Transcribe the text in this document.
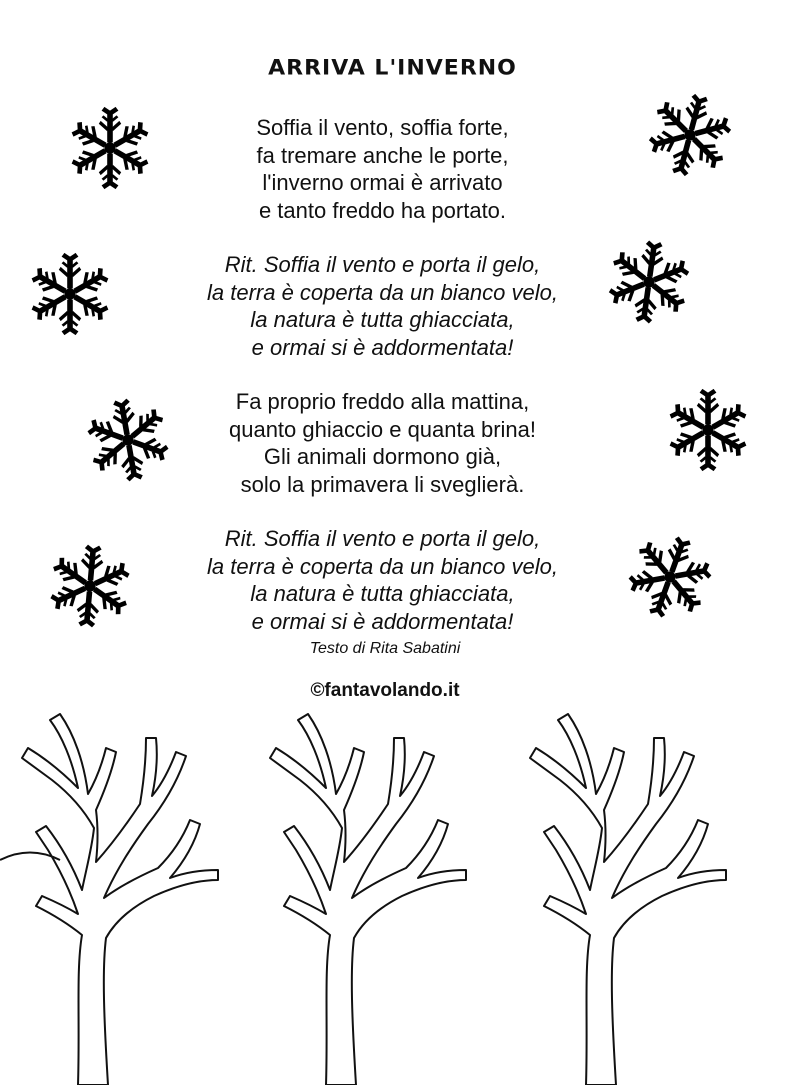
ARRIVA L'INVERNO
Soffia il vento, soffia forte,
fa tremare anche le porte,
l'inverno ormai è arrivato
e tanto freddo ha portato.
Rit. Soffia il vento e porta il gelo,
la terra è coperta da un bianco velo,
la natura è tutta ghiacciata,
e ormai si è addormentata!
Fa proprio freddo alla mattina,
quanto ghiaccio e quanta brina!
Gli animali dormono già,
solo la primavera li sveglierà.
Rit. Soffia il vento e porta il gelo,
la terra è coperta da un bianco velo,
la natura è tutta ghiacciata,
e ormai si è addormentata!
Testo di Rita Sabatini
©fantavolando.it
